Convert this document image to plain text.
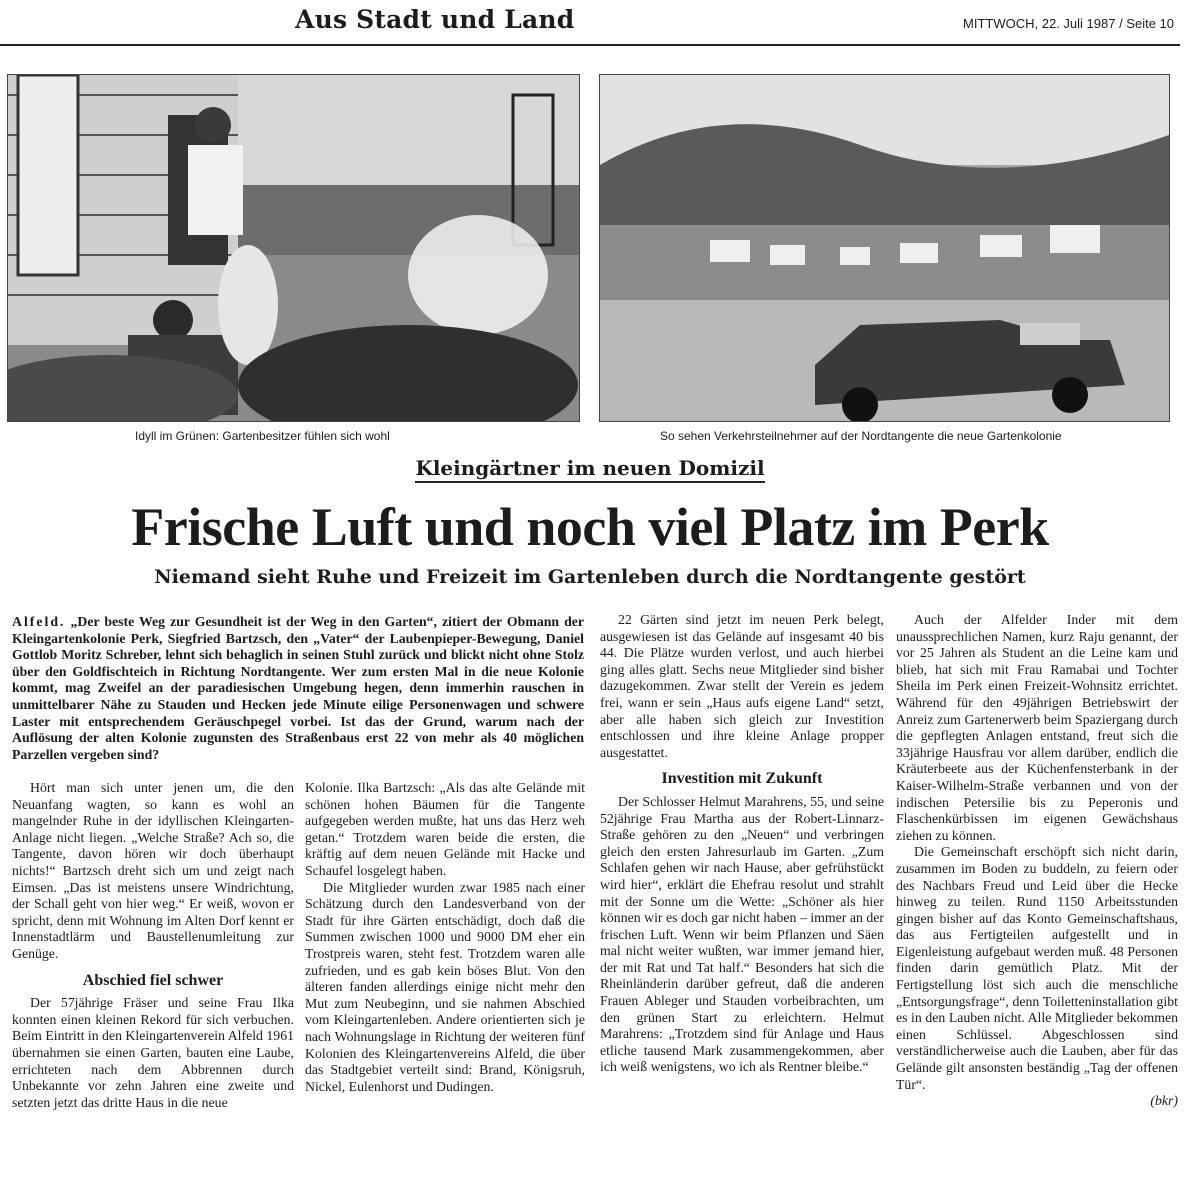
Aus Stadt und Land	MITTWOCH, 22. Juli 1987 / Seite 10
Idyll im Grünen: Gartenbesitzer fühlen sich wohl	So sehen Verkehrsteilnehmer auf der Nordtangente die neue Gartenkolonie
Kleingärtner im neuen Domizil
Frische Luft und noch viel Platz im Perk
Niemand sieht Ruhe und Freizeit im Gartenleben durch die Nordtangente gestört
Alfeld. „Der beste Weg zur Gesundheit ist der Weg in den Garten“, zitiert der Obmann der Kleingartenkolonie Perk, Siegfried Bartzsch, den „Vater“ der Laubenpieper-Bewegung, Daniel Gottlob Moritz Schreber, lehnt sich behaglich in seinen Stuhl zurück und blickt nicht ohne Stolz über den Goldfischteich in Richtung Nordtangente. Wer zum ersten Mal in die neue Kolonie kommt, mag Zweifel an der paradiesischen Umgebung hegen, denn immerhin rauschen in unmittelbarer Nähe zu Stauden und Hecken jede Minute eilige Personenwagen und schwere Laster mit entsprechendem Geräuschpegel vorbei. Ist das der Grund, warum nach der Auflösung der alten Kolonie zugunsten des Straßenbaus erst 22 von mehr als 40 möglichen Parzellen vergeben sind?

Hört man sich unter jenen um, die den Neuanfang wagten, so kann es wohl an mangelnder Ruhe in der idyllischen Kleingarten-Anlage nicht liegen. „Welche Straße? Ach so, die Tangente, davon hören wir doch überhaupt nichts!“ Bartzsch dreht sich um und zeigt nach Eimsen. „Das ist meistens unsere Windrichtung, der Schall geht von hier weg.“ Er weiß, wovon er spricht, denn mit Wohnung im Alten Dorf kennt er Innenstadtlärm und Baustellenumleitung zur Genüge.

Abschied fiel schwer

Der 57jährige Fräser und seine Frau Ilka konnten einen kleinen Rekord für sich verbuchen. Beim Eintritt in den Kleingartenverein Alfeld 1961 übernahmen sie einen Garten, bauten eine Laube, errichteten nach dem Abbrennen durch Unbekannte vor zehn Jahren eine zweite und setzten jetzt das dritte Haus in die neue

Kolonie. Ilka Bartzsch: „Als das alte Gelände mit schönen hohen Bäumen für die Tangente aufgegeben werden mußte, hat uns das Herz weh getan.“ Trotzdem waren beide die ersten, die kräftig auf dem neuen Gelände mit Hacke und Schaufel losgelegt haben.

Die Mitglieder wurden zwar 1985 nach einer Schätzung durch den Landesverband von der Stadt für ihre Gärten entschädigt, doch daß die Summen zwischen 1000 und 9000 DM eher ein Trostpreis waren, steht fest. Trotzdem waren alle zufrieden, und es gab kein böses Blut. Von den älteren fanden allerdings einige nicht mehr den Mut zum Neubeginn, und sie nahmen Abschied vom Kleingartenleben. Andere orientierten sich je nach Wohnungslage in Richtung der weiteren fünf Kolonien des Kleingartenvereins Alfeld, die über das Stadtgebiet verteilt sind: Brand, Königsruh, Nickel, Eulenhorst und Dudingen.

22 Gärten sind jetzt im neuen Perk belegt, ausgewiesen ist das Gelände auf insgesamt 40 bis 44. Die Plätze wurden verlost, und auch hierbei ging alles glatt. Sechs neue Mitglieder sind bisher dazugekommen. Zwar stellt der Verein es jedem frei, wann er sein „Haus aufs eigene Land“ setzt, aber alle haben sich gleich zur Investition entschlossen und ihre kleine Anlage propper ausgestattet.

Investition mit Zukunft

Der Schlosser Helmut Marahrens, 55, und seine 52jährige Frau Martha aus der Robert-Linnarz-Straße gehören zu den „Neuen“ und verbringen gleich den ersten Jahresurlaub im Garten. „Zum Schlafen gehen wir nach Hause, aber gefrühstückt wird hier“, erklärt die Ehefrau resolut und strahlt mit der Sonne um die Wette: „Schöner als hier können wir es doch gar nicht haben – immer an der frischen Luft. Wenn wir beim Pflanzen und Säen mal nicht weiter wußten, war immer jemand hier, der mit Rat und Tat half.“ Besonders hat sich die Rheinländerin darüber gefreut, daß die anderen Frauen Ableger und Stauden vorbeibrachten, um den grünen Start zu erleichtern. Helmut Marahrens: „Trotzdem sind für Anlage und Haus etliche tausend Mark zusammengekommen, aber ich weiß wenigstens, wo ich als Rentner bleibe.“

Auch der Alfelder Inder mit dem unaussprechlichen Namen, kurz Raju genannt, der vor 25 Jahren als Student an die Leine kam und blieb, hat sich mit Frau Ramabai und Tochter Sheila im Perk einen Freizeit-Wohnsitz errichtet. Während für den 49jährigen Betriebswirt der Anreiz zum Gartenerwerb beim Spaziergang durch die gepflegten Anlagen entstand, freut sich die 33jährige Hausfrau vor allem darüber, endlich die Kräuterbeete aus der Küchenfensterbank in der Kaiser-Wilhelm-Straße verbannen und von der indischen Petersilie bis zu Peperonis und Flaschenkürbissen im eigenen Gewächshaus ziehen zu können.

Die Gemeinschaft erschöpft sich nicht darin, zusammen im Boden zu buddeln, zu feiern oder des Nachbars Freud und Leid über die Hecke hinweg zu teilen. Rund 1150 Arbeitsstunden gingen bisher auf das Konto Gemeinschaftshaus, das aus Fertigteilen aufgestellt und in Eigenleistung aufgebaut werden muß. 48 Personen finden darin gemütlich Platz. Mit der Fertigstellung löst sich auch die menschliche „Entsorgungsfrage“, denn Toiletteninstallation gibt es in den Lauben nicht. Alle Mitglieder bekommen einen Schlüssel. Abgeschlossen sind verständlicherweise auch die Lauben, aber für das Gelände gilt ansonsten beständig „Tag der offenen Tür“.

(bkr)
